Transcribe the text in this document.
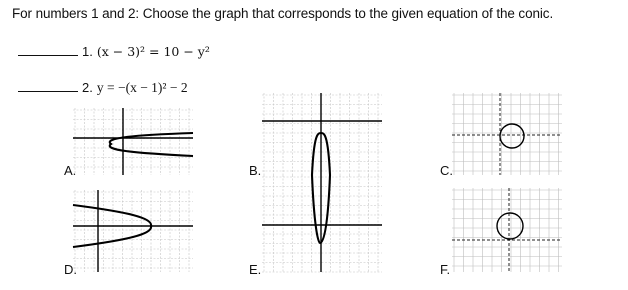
For numbers 1 and 2: Choose the graph that corresponds to the given equation of the conic.
1. (x − 3)² = 10 − y²
2. y = −(x − 1)² − 2
A.	B.	C.
D.	E.	F.
